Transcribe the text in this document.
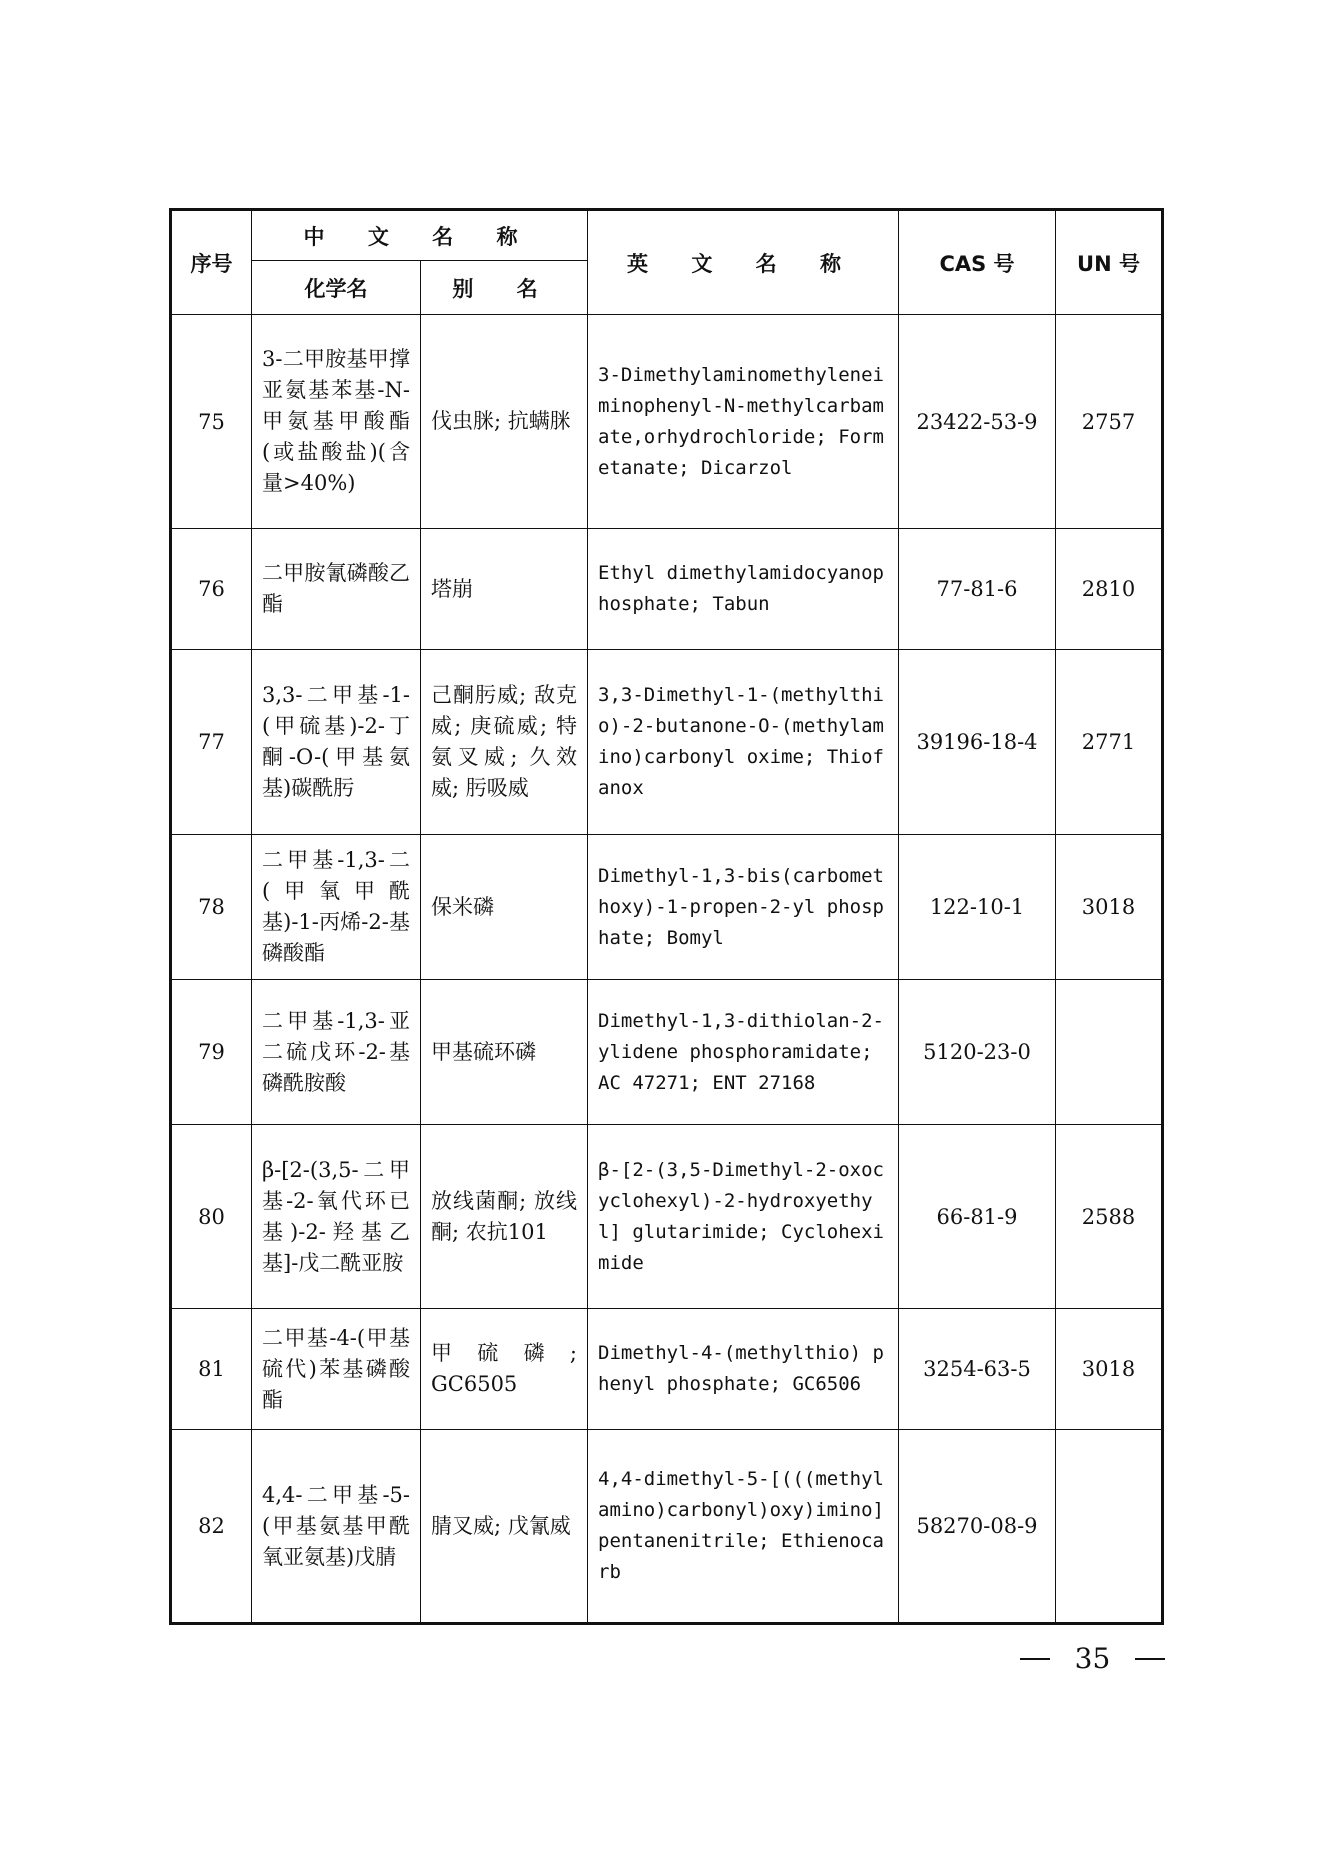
序号	中 文 名 称		英 文 名 称	CAS 号	UN 号
	化学名	别 名			
75	3-二甲胺基甲撑亚氨基苯基-N-甲氨基甲酸酯(或盐酸盐)(含量>40%)	伐虫脒; 抗螨脒	3-Dimethylaminomethyleneiminophenyl-N-methylcarbamate,orhydrochloride; Formetanate; Dicarzol	23422-53-9	2757
76	二甲胺氰磷酸乙酯	塔崩	Ethyl dimethylamidocyanophosphate; Tabun	77-81-6	2810
77	3,3-二甲基-1-(甲硫基)-2-丁酮-O-(甲基氨基)碳酰肟	己酮肟威; 敌克威; 庚硫威; 特氨叉威; 久效威; 肟吸威	3,3-Dimethyl-1-(methylthio)-2-butanone-O-(methylamino)carbonyl oxime; Thiofanox	39196-18-4	2771
78	二甲基-1,3-二(甲氧甲酰基)-1-丙烯-2-基磷酸酯	保米磷	Dimethyl-1,3-bis(carbomethoxy)-1-propen-2-yl phosphate; Bomyl	122-10-1	3018
79	二甲基-1,3-亚二硫戊环-2-基磷酰胺酸	甲基硫环磷	Dimethyl-1,3-dithiolan-2-ylidene phosphoramidate; AC 47271; ENT 27168	5120-23-0	
80	β-[2-(3,5-二甲基-2-氧代环已基)-2-羟基乙基]-戊二酰亚胺	放线菌酮; 放线酮; 农抗101	β-[2-(3,5-Dimethyl-2-oxocyclohexyl)-2-hydroxyethyl] glutarimide; Cycloheximide	66-81-9	2588
81	二甲基-4-(甲基硫代)苯基磷酸酯	甲硫磷; GC6505	Dimethyl-4-(methylthio) phenyl phosphate; GC6506	3254-63-5	3018
82	4,4-二甲基-5-(甲基氨基甲酰氧亚氨基)戊腈	腈叉威; 戊氰威	4,4-dimethyl-5-[(((methylamino)carbonyl)oxy)imino]pentanenitrile; Ethienocarb	58270-08-9	
35
